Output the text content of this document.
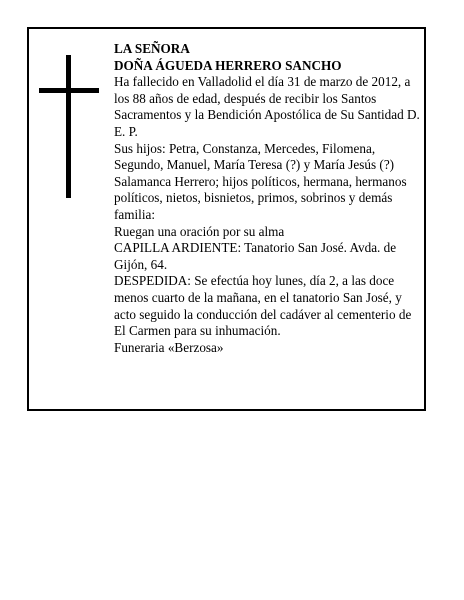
LA SEÑORA
DOÑA ÁGUEDA HERRERO SANCHO
Ha fallecido en Valladolid el día 31 de marzo de 2012, a los 88 años de edad, después de recibir los Santos Sacramentos y la Bendición Apostólica de Su Santidad D. E. P.
Sus hijos: Petra, Constanza, Mercedes, Filomena, Segundo, Manuel, María Teresa (?) y María Jesús (?) Salamanca Herrero; hijos políticos, hermana, hermanos políticos, nietos, bisnietos, primos, sobrinos y demás familia:
Ruegan una oración por su alma
CAPILLA ARDIENTE: Tanatorio San José. Avda. de Gijón, 64.
DESPEDIDA: Se efectúa hoy lunes, día 2, a las doce menos cuarto de la mañana, en el tanatorio San José, y acto seguido la conducción del cadáver al cementerio de El Carmen para su inhumación.
Funeraria «Berzosa»
